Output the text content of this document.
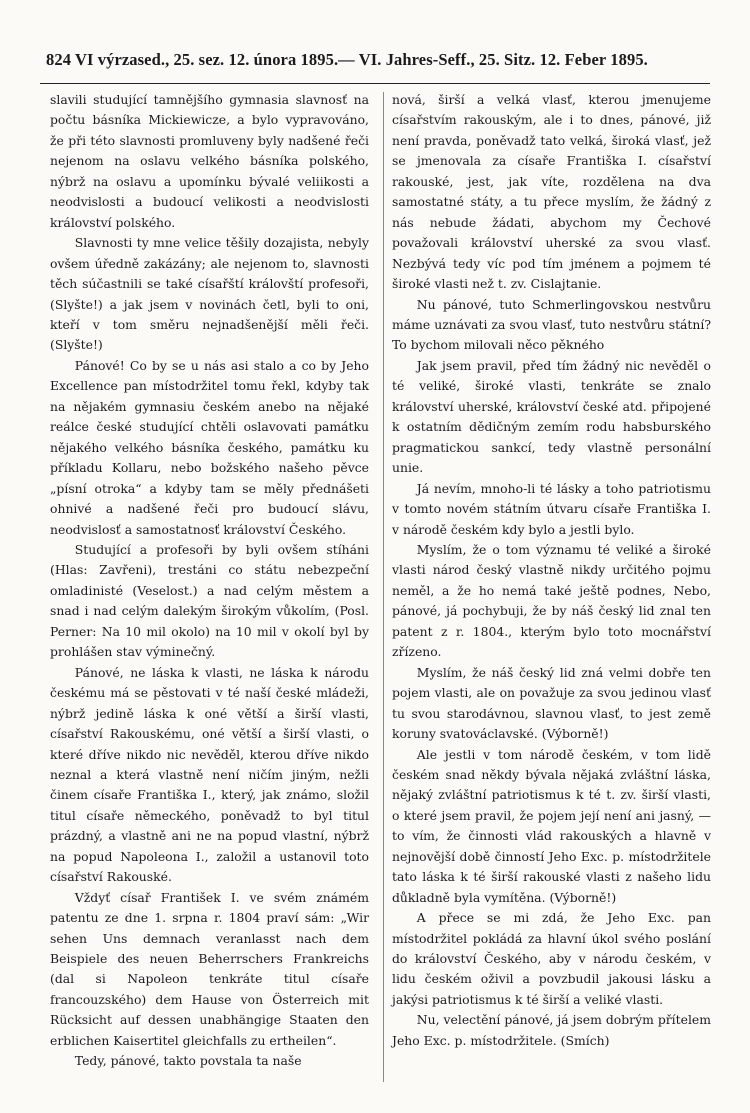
824 VI výrzased., 25. sez. 12. února 1895.— VI. Jahres-Seff., 25. Sitz. 12. Feber 1895.

slavili studující tamnějšího gymnasia slavnosť na počtu básníka Mickiewicze, a bylo vypravováno, že při této slavnosti promluveny byly nadšené řeči nejenom na oslavu velkého básníka polského, nýbrž na oslavu a upomínku bývalé veliikosti a neodvislosti a budoucí velikosti a neodvislosti království polského.

Slavnosti ty mne velice těšily dozajista, nebyly ovšem úředně zakázány; ale nejenom to, slavnosti těch súčastnili se také císařští královští profesoři, (Slyšte!) a jak jsem v novinách četl, byli to oni, kteří v tom směru nejnadšenější měli řeči. (Slyšte!)

Pánové! Co by se u nás asi stalo a co by Jeho Excellence pan místodržitel tomu řekl, kdyby tak na nějakém gymnasiu českém anebo na nějaké reálce české studující chtěli oslavovati památku nějakého velkého básníka českého, památku ku příkladu Kollaru, nebo božského našeho pěvce „písní otroka“ a kdyby tam se měly přednášeti ohnivé a nadšené řeči pro budoucí slávu, neodvislosť a samostatnosť království Českého.

Studující a profesoři by byli ovšem stíháni (Hlas: Zavřeni), trestáni co státu nebezpeční omladinisté (Veselost.) a nad celým městem a snad i nad celým dalekým širokým vůkolím, (Posl. Perner: Na 10 mil okolo) na 10 mil v okolí byl by prohlášen stav výminečný.

Pánové, ne láska k vlasti, ne láska k národu českému má se pěstovati v té naší české mládeži, nýbrž jedině láska k oné větší a širší vlasti, císařství Rakouskému, oné větší a širší vlasti, o které dříve nikdo nic nevěděl, kterou dříve nikdo neznal a která vlastně není ničím jiným, nežli činem císaře Františka I., který, jak známo, složil titul císaře německého, poněvadž to byl titul prázdný, a vlastně ani ne na popud vlastní, nýbrž na popud Napoleona I., založil a ustanovil toto císařství Rakouské.

Vždyť císař František I. ve svém známém patentu ze dne 1. srpna r. 1804 praví sám: „Wir sehen Uns demnach veranlasst nach dem Beispiele des neuen Beherrschers Frankreichs (dal si Napoleon tenkráte titul císaře francouzského) dem Hause von Österreich mit Rücksicht auf dessen unabhängige Staaten den erblichen Kaisertitel gleichfalls zu ertheilen“.

Tedy, pánové, takto povstala ta naše

nová, širší a velká vlasť, kterou jmenujeme císařstvím rakouským, ale i to dnes, pánové, již není pravda, poněvadž tato velká, široká vlasť, jež se jmenovala za císaře Františka I. císařství rakouské, jest, jak víte, rozdělena na dva samostatné státy, a tu přece myslím, že žádný z nás nebude žádati, abychom my Čechové považovali království uherské za svou vlasť. Nezbývá tedy víc pod tím jménem a pojmem té široké vlasti než t. zv. Cislajtanie.

Nu pánové, tuto Schmerlingovskou nestvůru máme uznávati za svou vlasť, tuto nestvůru státní? To bychom milovali něco pěkného

Jak jsem pravil, před tím žádný nic nevěděl o té veliké, široké vlasti, tenkráte se znalo království uherské, království české atd. připojené k ostatním dědičným zemím rodu habsburského pragmatickou sankcí, tedy vlastně personální unie.

Já nevím, mnoho-li té lásky a toho patriotismu v tomto novém státním útvaru císaře Františka I. v národě českém kdy bylo a jestli bylo.

Myslím, že o tom významu té veliké a široké vlasti národ český vlastně nikdy určitého pojmu neměl, a že ho nemá také ještě podnes, Nebo, pánové, já pochybuji, že by náš český lid znal ten patent z r. 1804., kterým bylo toto mocnářství zřízeno.

Myslím, že náš český lid zná velmi dobře ten pojem vlasti, ale on považuje za svou jedinou vlasť tu svou starodávnou, slavnou vlasť, to jest země koruny svatováclavské. (Výborně!)

Ale jestli v tom národě českém, v tom lidě českém snad někdy bývala nějaká zvláštní láska, nějaký zvláštní patriotismus k té t. zv. širší vlasti, o které jsem pravil, že pojem její není ani jasný, — to vím, že činnosti vlád rakouských a hlavně v nejnovější době činností Jeho Exc. p. místodržitele tato láska k té širší rakouské vlasti z našeho lidu důkladně byla vymítěna. (Výborně!)

A přece se mi zdá, že Jeho Exc. pan místodržitel pokládá za hlavní úkol svého poslání do království Českého, aby v národu českém, v lidu českém oživil a povzbudil jakousi lásku a jakýsi patriotismus k té širší a veliké vlasti.

Nu, velectění pánové, já jsem dobrým přítelem Jeho Exc. p. místodržitele. (Smích)
